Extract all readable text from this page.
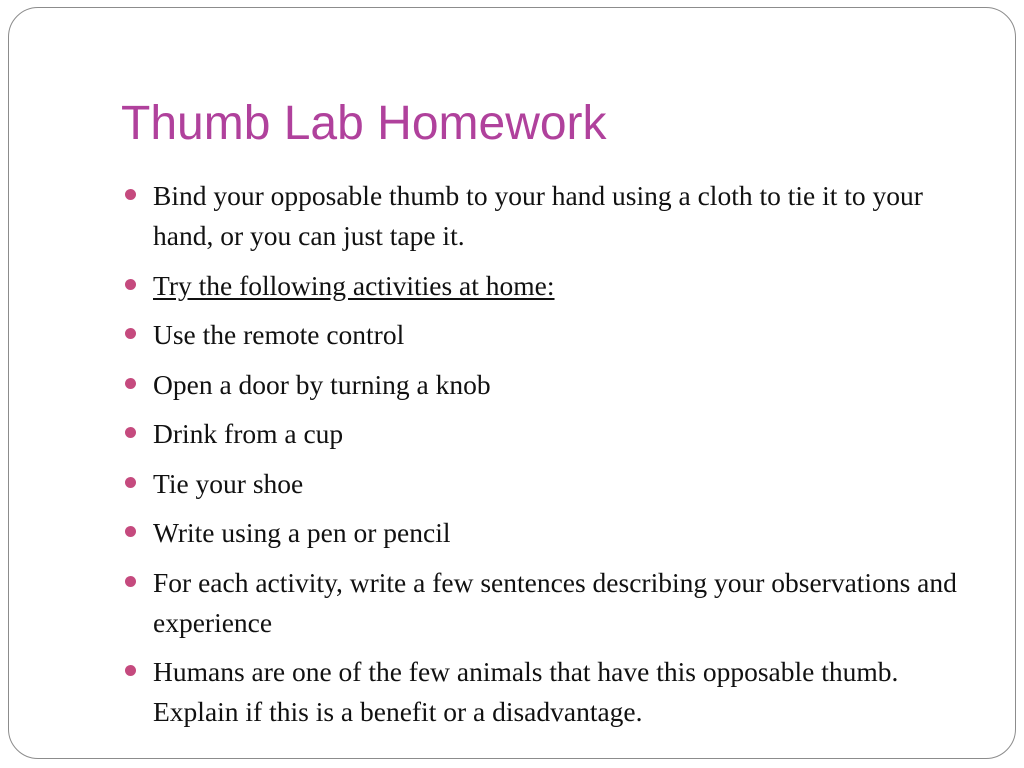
Thumb Lab Homework
Bind your opposable thumb to your hand using a cloth to tie it to your hand, or you can just tape it.
Try the following activities at home:
Use the remote control
Open a door by turning a knob
Drink from a cup
Tie your shoe
Write using a pen or pencil
For each activity, write a few sentences describing your observations and experience
Humans are one of the few animals that have this opposable thumb. Explain if this is a benefit or a disadvantage.
